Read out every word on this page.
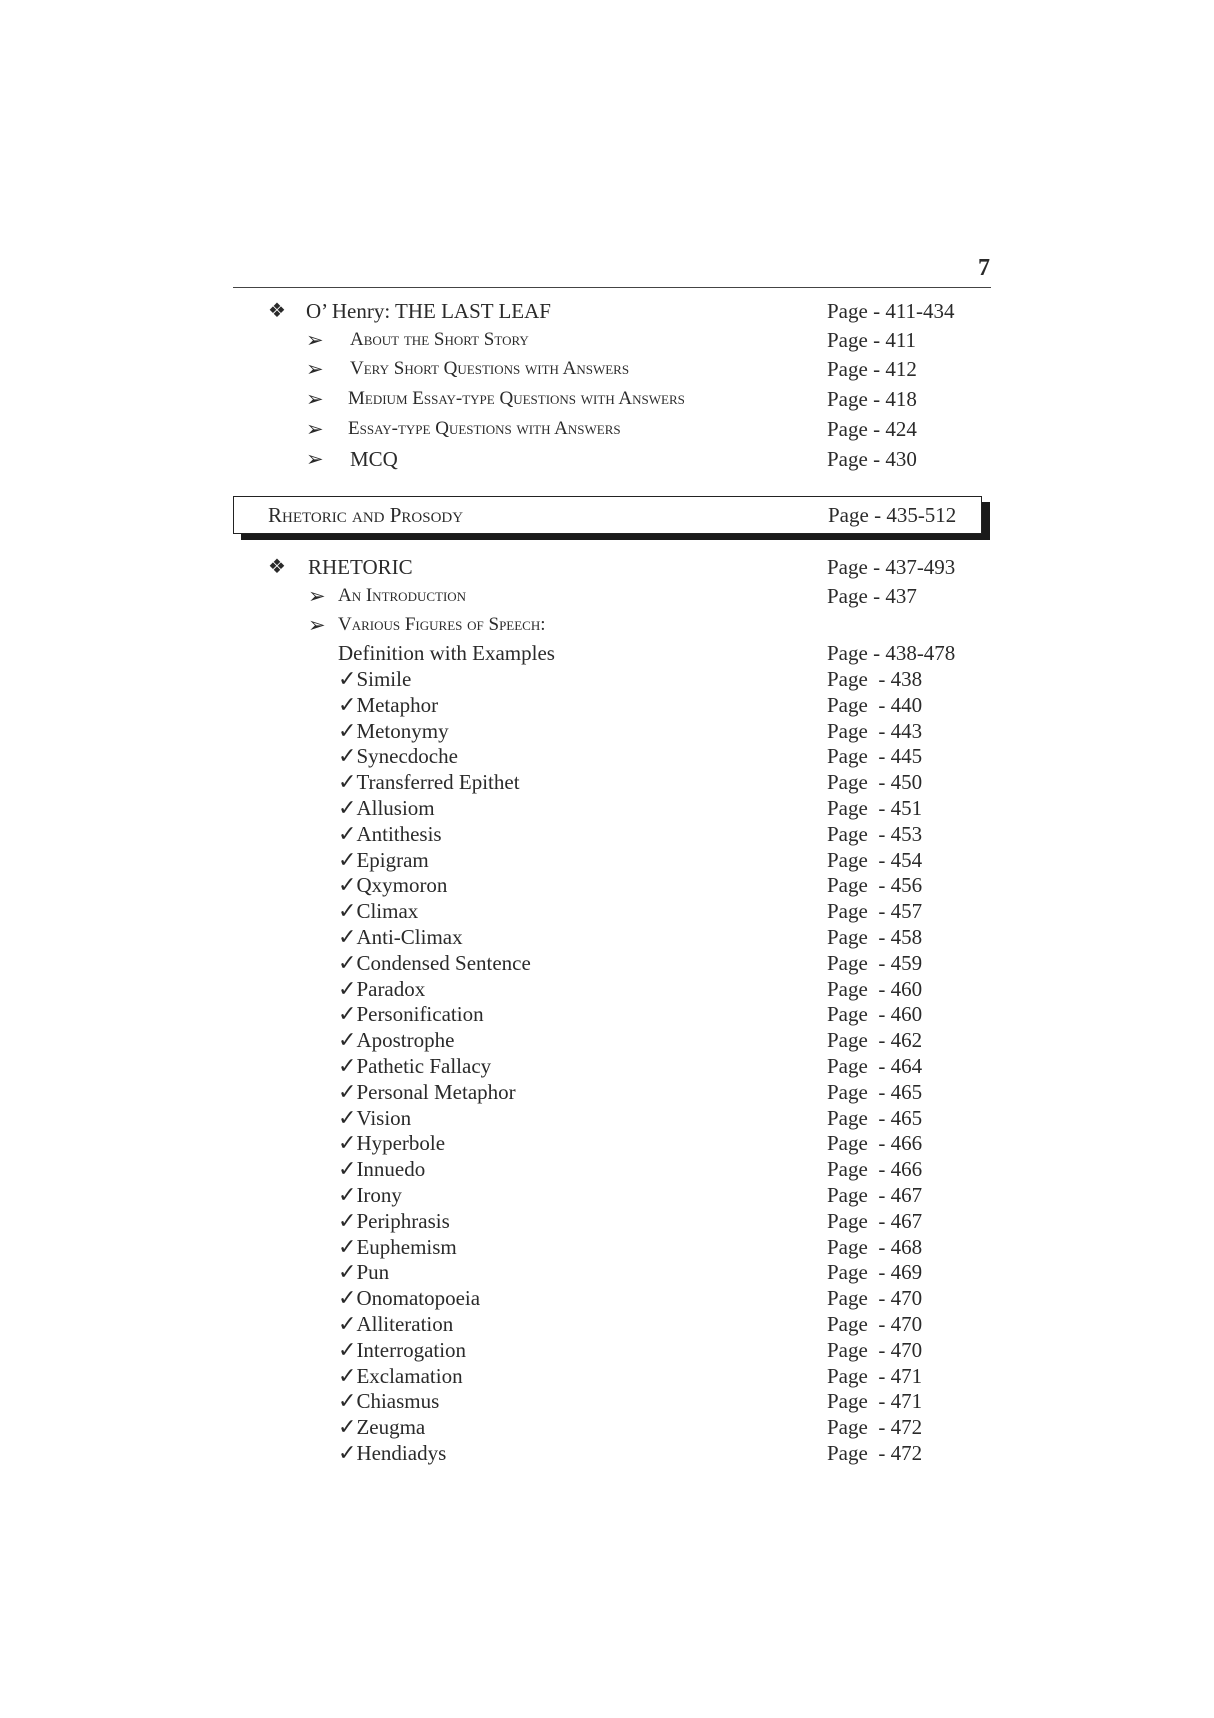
7
❖ O’ Henry: THE LAST LEAF	Page - 411-434
➢ About the Short Story	Page - 411
➢ Very Short Questions with Answers	Page - 412
➢ Medium Essay-type Questions with Answers	Page - 418
➢ Essay-type Questions with Answers	Page - 424
➢ MCQ	Page - 430
Rhetoric and Prosody	Page - 435-512
❖ RHETORIC	Page - 437-493
➢ An Introduction	Page - 437
➢ Various Figures of Speech:
Definition with Examples	Page - 438-478
✓Simile	Page  - 438
✓Metaphor	Page  - 440
✓Metonymy	Page  - 443
✓Synecdoche	Page  - 445
✓Transferred Epithet	Page  - 450
✓Allusiom	Page  - 451
✓Antithesis	Page  - 453
✓Epigram	Page  - 454
✓Qxymoron	Page  - 456
✓Climax	Page  - 457
✓Anti-Climax	Page  - 458
✓Condensed Sentence	Page  - 459
✓Paradox	Page  - 460
✓Personification	Page  - 460
✓Apostrophe	Page  - 462
✓Pathetic Fallacy	Page  - 464
✓Personal Metaphor	Page  - 465
✓Vision	Page  - 465
✓Hyperbole	Page  - 466
✓Innuedo	Page  - 466
✓Irony	Page  - 467
✓Periphrasis	Page  - 467
✓Euphemism	Page  - 468
✓Pun	Page  - 469
✓Onomatopoeia	Page  - 470
✓Alliteration	Page  - 470
✓Interrogation	Page  - 470
✓Exclamation	Page  - 471
✓Chiasmus	Page  - 471
✓Zeugma	Page  - 472
✓Hendiadys	Page  - 472
